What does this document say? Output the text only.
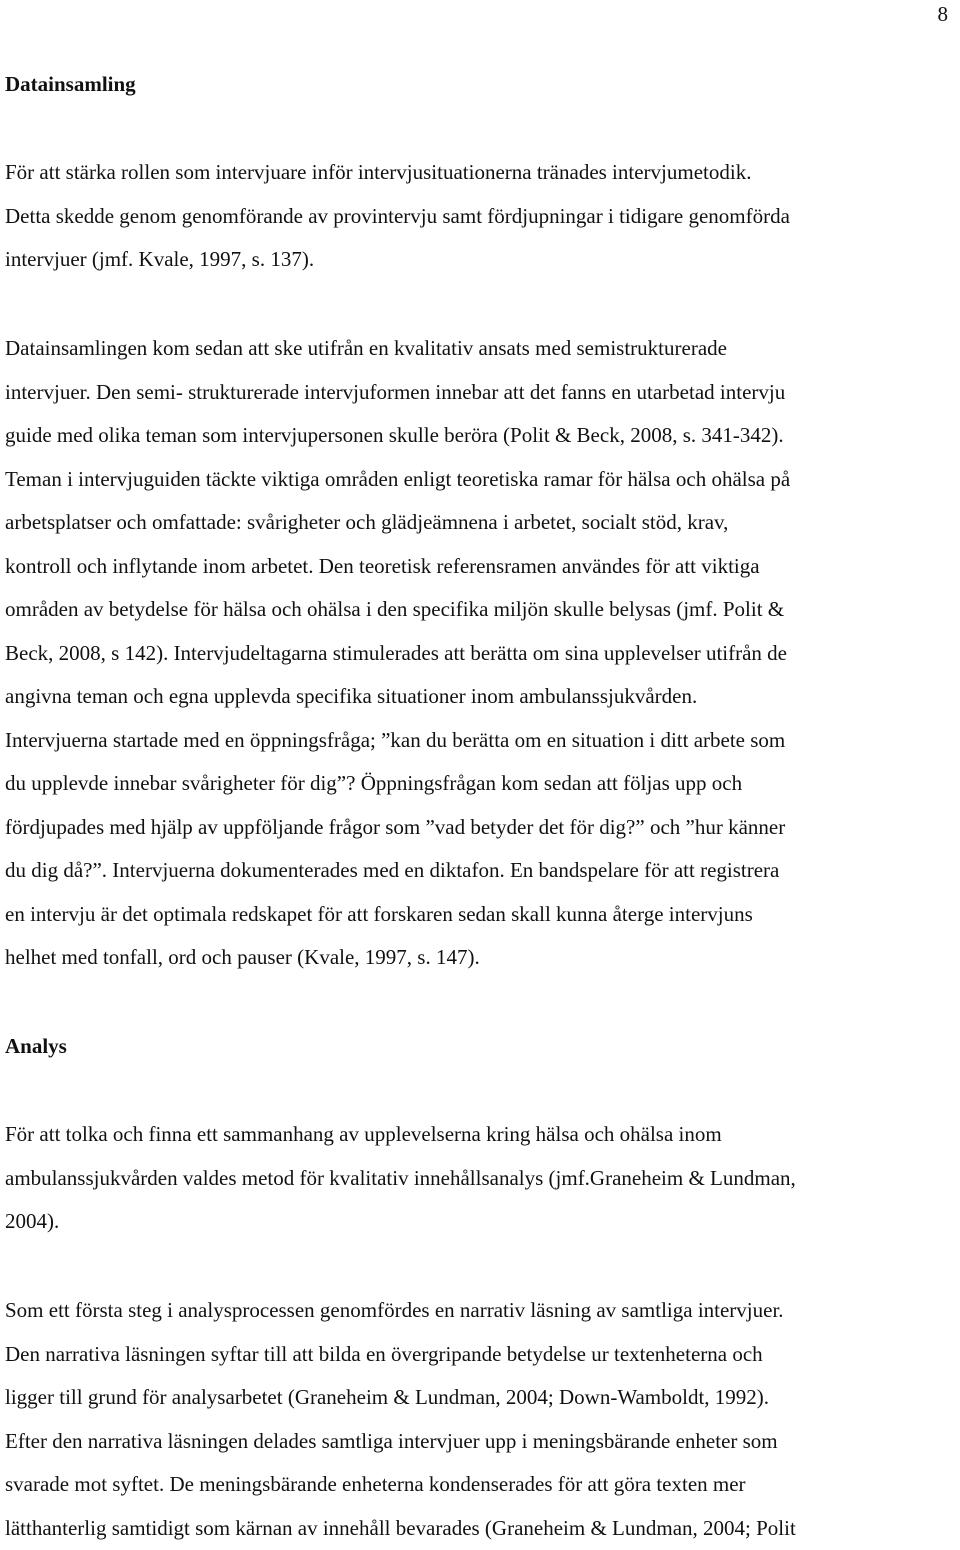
8
Datainsamling
För att stärka rollen som intervjuare inför intervjusituationerna tränades intervjumetodik.
Detta skedde genom genomförande av provintervju samt fördjupningar i tidigare genomförda
intervjuer (jmf. Kvale, 1997, s. 137).
Datainsamlingen kom sedan att ske utifrån en kvalitativ ansats med semistrukturerade
intervjuer. Den semi- strukturerade intervjuformen innebar att det fanns en utarbetad intervju
guide med olika teman som intervjupersonen skulle beröra (Polit & Beck, 2008, s. 341-342).
Teman i intervjuguiden täckte viktiga områden enligt teoretiska ramar för hälsa och ohälsa på
arbetsplatser och omfattade: svårigheter och glädjeämnena i arbetet, socialt stöd, krav,
kontroll och inflytande inom arbetet. Den teoretisk referensramen användes för att viktiga
områden av betydelse för hälsa och ohälsa i den specifika miljön skulle belysas (jmf. Polit &
Beck, 2008, s 142). Intervjudeltagarna stimulerades att berätta om sina upplevelser utifrån de
angivna teman och egna upplevda specifika situationer inom ambulanssjukvården.
Intervjuerna startade med en öppningsfråga; ”kan du berätta om en situation i ditt arbete som
du upplevde innebar svårigheter för dig”? Öppningsfrågan kom sedan att följas upp och
fördjupades med hjälp av uppföljande frågor som ”vad betyder det för dig?” och ”hur känner
du dig då?”. Intervjuerna dokumenterades med en diktafon. En bandspelare för att registrera
en intervju är det optimala redskapet för att forskaren sedan skall kunna återge intervjuns
helhet med tonfall, ord och pauser (Kvale, 1997, s. 147).
Analys
För att tolka och finna ett sammanhang av upplevelserna kring hälsa och ohälsa inom
ambulanssjukvården valdes metod för kvalitativ innehållsanalys (jmf.Graneheim & Lundman,
2004).
Som ett första steg i analysprocessen genomfördes en narrativ läsning av samtliga intervjuer.
Den narrativa läsningen syftar till att bilda en övergripande betydelse ur textenheterna och
ligger till grund för analysarbetet (Graneheim & Lundman, 2004; Down-Wamboldt, 1992).
Efter den narrativa läsningen delades samtliga intervjuer upp i meningsbärande enheter som
svarade mot syftet. De meningsbärande enheterna kondenserades för att göra texten mer
lätthanterlig samtidigt som kärnan av innehåll bevarades (Graneheim & Lundman, 2004; Polit
